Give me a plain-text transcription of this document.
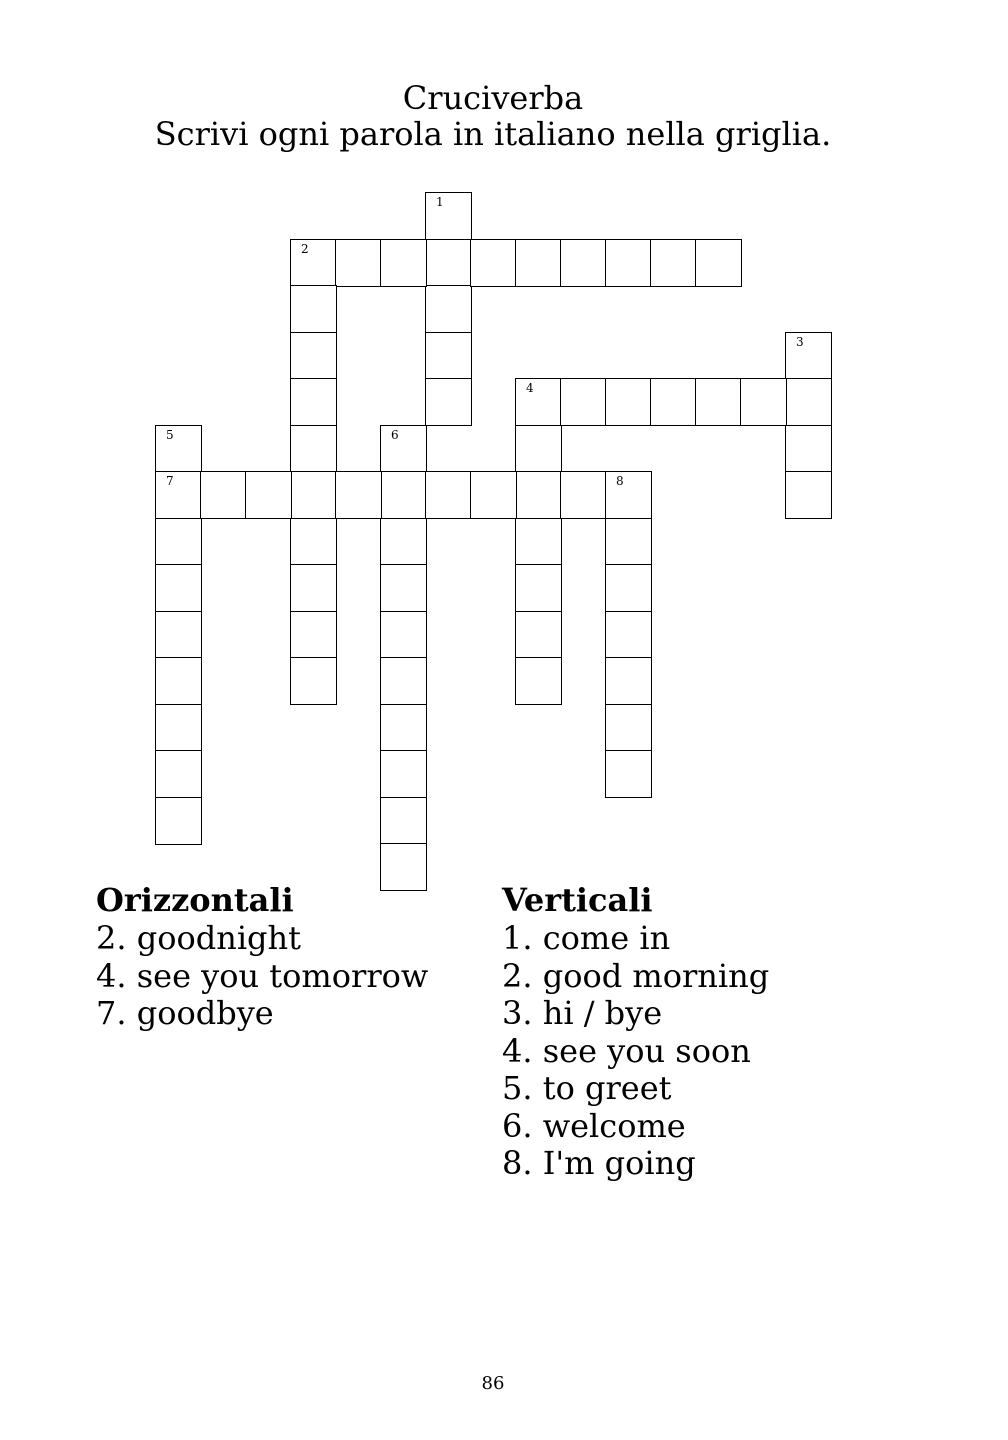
Cruciverba
Scrivi ogni parola in italiano nella griglia.
1
2
3
4
5
7
6
8
Orizzontali
2. goodnight
4. see you tomorrow
7. goodbye
Verticali
1. come in
2. good morning
3. hi / bye
4. see you soon
5. to greet
6. welcome
8. I'm going
86
